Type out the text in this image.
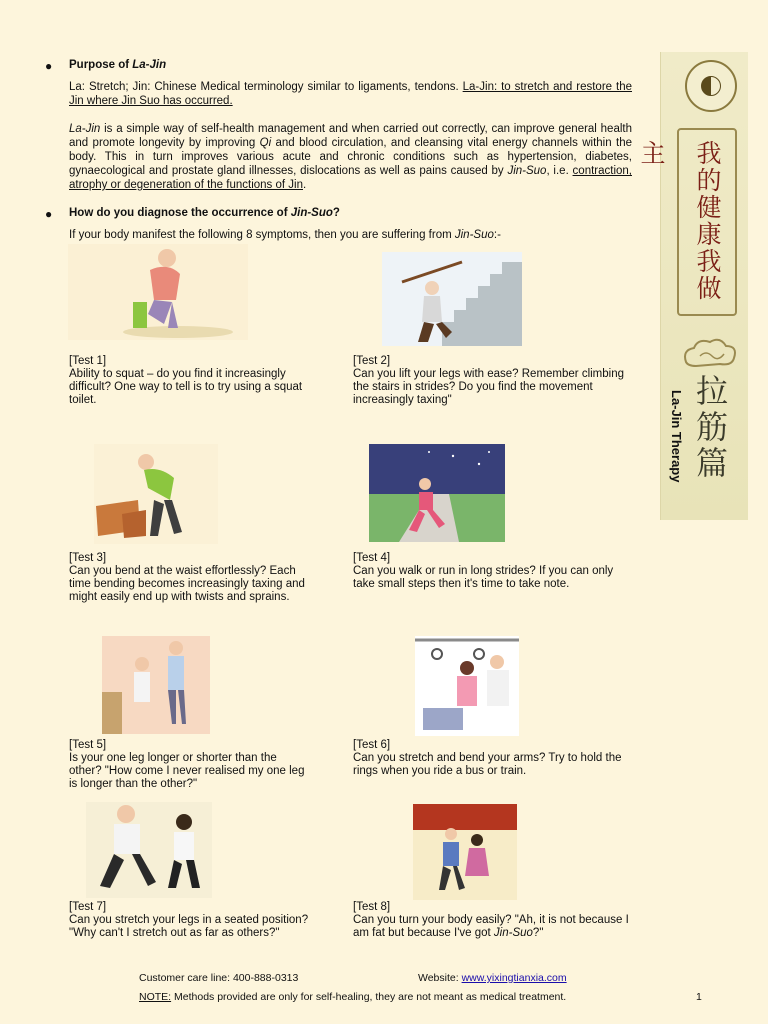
● Purpose of La-Jin

La: Stretch; Jin: Chinese Medical terminology similar to ligaments, tendons. La-Jin: to stretch and restore the Jin where Jin Suo has occurred.

La-Jin is a simple way of self-health management and when carried out correctly, can improve general health and promote longevity by improving Qi and blood circulation, and cleansing vital energy channels within the body. This in turn improves various acute and chronic conditions such as hypertension, diabetes, gynaecological and prostate gland illnesses, dislocations as well as pains caused by Jin-Suo, i.e. contraction, atrophy or degeneration of the functions of Jin.

● How do you diagnose the occurrence of Jin-Suo?

If your body manifest the following 8 symptoms, then you are suffering from Jin-Suo:-

[Test 1]
Ability to squat – do you find it increasingly difficult? One way to tell is to try using a squat toilet.
[Test 2]
Can you lift your legs with ease? Remember climbing the stairs in strides? Do you find the movement increasingly taxing"
[Test 3]
Can you bend at the waist effortlessly? Each time bending becomes increasingly taxing and might easily end up with twists and sprains.
[Test 4]
Can you walk or run in long strides? If you can only take small steps then it's time to take note.
[Test 5]
Is your one leg longer or shorter than the other? "How come I never realised my one leg is longer than the other?"
[Test 6]
Can you stretch and bend your arms? Try to hold the rings when you ride a bus or train.
[Test 7]
Can you stretch your legs in a seated position? "Why can't I stretch out as far as others?"
[Test 8]
Can you turn your body easily? "Ah, it is not because I am fat but because I've got Jin-Suo?"
Customer care line: 400-888-0313	Website: www.yixingtianxia.com
NOTE: Methods provided are only for self-healing, they are not meant as medical treatment.	1
我的健康我做主
La-Jin Therapy 拉筋篇
